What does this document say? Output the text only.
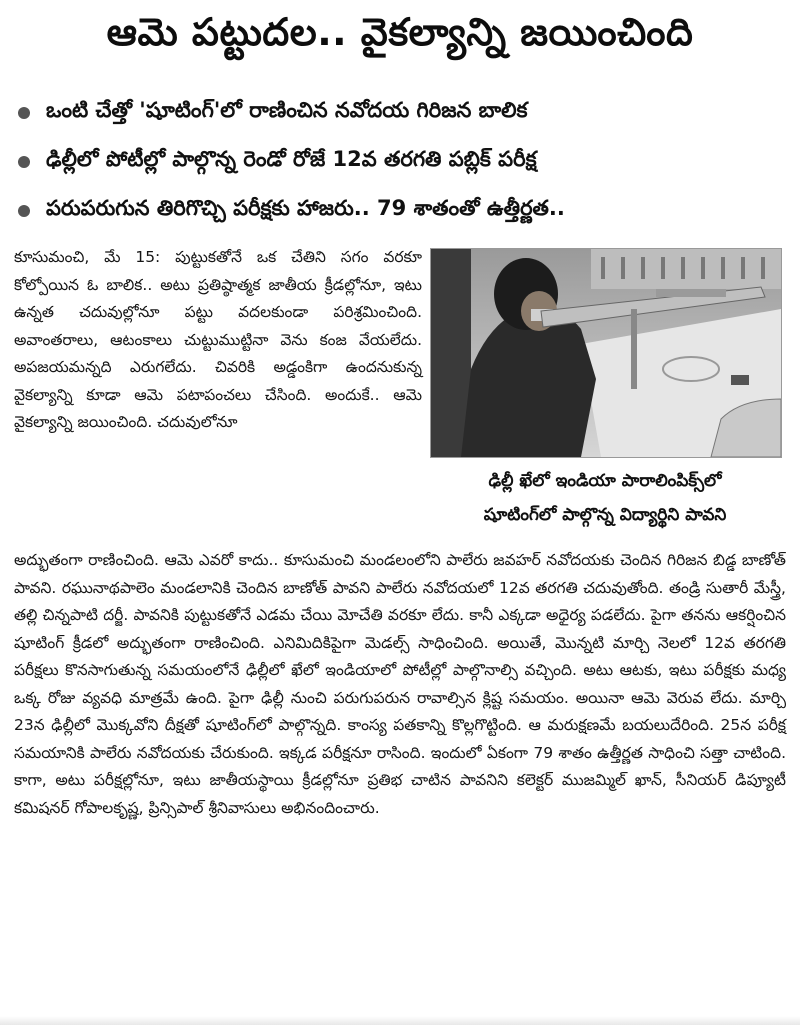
ఆమె పట్టుదల.. వైకల్యాన్ని జయించింది
ఒంటి చేత్తో 'షూటింగ్'లో రాణించిన నవోదయ గిరిజన బాలిక
ఢిల్లీలో పోటీల్లో పాల్గొన్న రెండో రోజే 12వ తరగతి పబ్లిక్ పరీక్ష
పరుపరుగున తిరిగొచ్చి పరీక్షకు హాజరు.. 79 శాతంతో ఉత్తీర్ణత..

కూసుమంచి, మే 15: పుట్టుకతోనే ఒక చేతిని సగం వరకూ కోల్పోయిన ఓ బాలిక.. అటు ప్రతిష్ఠాత్మక జాతీయ క్రీడల్లోనూ, ఇటు ఉన్నత చదువుల్లోనూ పట్టు వదలకుండా పరిశ్రమించింది. అవాంతరాలు, ఆటంకాలు చుట్టుముట్టినా వెను కంజ వేయలేదు. అపజయమన్నది ఎరుగలేదు. చివరికి అడ్డంకిగా ఉందనుకున్న వైకల్యాన్ని కూడా ఆమె పటాపంచలు చేసింది. అందుకే.. ఆమె వైకల్యాన్ని జయించింది. చదువులోనూ

ఢిల్లీ ఖేలో ఇండియా పారాలింపిక్స్‌లో
షూటింగ్‌లో పాల్గొన్న విద్యార్థిని పావని

అద్భుతంగా రాణించింది. ఆమె ఎవరో కాదు.. కూసుమంచి మండలంలోని పాలేరు జవహర్ నవోదయకు చెందిన గిరిజన బిడ్డ బాణోత్ పావని. రఘునాథపాలెం మండలానికి చెందిన బాణోత్ పావని పాలేరు నవోదయలో 12వ తరగతి చదువుతోంది. తండ్రి సుతారీ మేస్త్రీ, తల్లి చిన్నపాటి దర్జీ. పావనికి పుట్టుకతోనే ఎడమ చేయి మోచేతి వరకూ లేదు. కానీ ఎక్కడా అధైర్య పడలేదు. పైగా తనను ఆకర్షించిన షూటింగ్ క్రీడలో అద్భుతంగా రాణించింది. ఎనిమిదికిపైగా మెడల్స్ సాధించింది. అయితే, మొన్నటి మార్చి నెలలో 12వ తరగతి పరీక్షలు కొనసాగుతున్న సమయంలోనే ఢిల్లీలో ఖేలో ఇండియాలో పోటీల్లో పాల్గొనాల్సి వచ్చింది. అటు ఆటకు, ఇటు పరీక్షకు మధ్య ఒక్క రోజు వ్యవధి మాత్రమే ఉంది. పైగా ఢిల్లీ నుంచి పరుగుపరున రావాల్సిన క్లిష్ట సమయం. అయినా ఆమె వెరువ లేదు. మార్చి 23న ఢిల్లీలో మొక్కవోని దీక్షతో షూటింగ్‌లో పాల్గొన్నది. కాంస్య పతకాన్ని కొల్లగొట్టింది. ఆ మరుక్షణమే బయలుదేరింది. 25న పరీక్ష సమయానికి పాలేరు నవోదయకు చేరుకుంది. ఇక్కడ పరీక్షనూ రాసింది. ఇందులో ఏకంగా 79 శాతం ఉత్తీర్ణత సాధించి సత్తా చాటింది. కాగా, అటు పరీక్షల్లోనూ, ఇటు జాతీయస్థాయి క్రీడల్లోనూ ప్రతిభ చాటిన పావనిని కలెక్టర్ ముజమ్మిల్ ఖాన్, సీనియర్ డిప్యూటీ కమిషనర్ గోపాలకృష్ణ, ప్రిన్సిపాల్ శ్రీనివాసులు అభినందించారు.
